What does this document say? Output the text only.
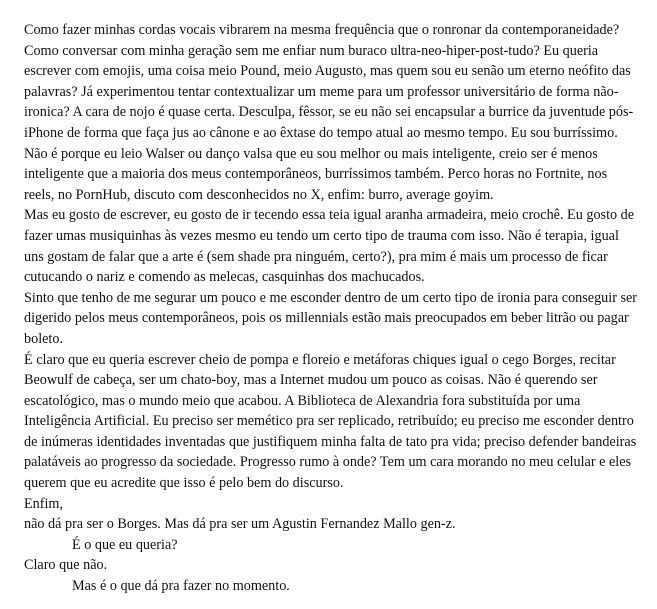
Como fazer minhas cordas vocais vibrarem na mesma frequência que o ronronar da contemporaneidade? Como conversar com minha geração sem me enfiar num buraco ultra-neo-hiper-post-tudo? Eu queria escrever com emojis, uma coisa meio Pound, meio Augusto, mas quem sou eu senão um eterno neófito das palavras? Já experimentou tentar contextualizar um meme para um professor universitário de forma não-ironica? A cara de nojo é quase certa. Desculpa, fêssor, se eu não sei encapsular a burrice da juventude pós-iPhone de forma que faça jus ao cânone e ao êxtase do tempo atual ao mesmo tempo. Eu sou burríssimo. Não é porque eu leio Walser ou danço valsa que eu sou melhor ou mais inteligente, creio ser é menos inteligente que a maioria dos meus contemporâneos, burríssimos também. Perco horas no Fortnite, nos reels, no PornHub, discuto com desconhecidos no X, enfim: burro, average goyim.

Mas eu gosto de escrever, eu gosto de ir tecendo essa teia igual aranha armadeira, meio crochê. Eu gosto de fazer umas musiquinhas às vezes mesmo eu tendo um certo tipo de trauma com isso. Não é terapia, igual uns gostam de falar que a arte é (sem shade pra ninguém, certo?), pra mim é mais um processo de ficar cutucando o nariz e comendo as melecas, casquinhas dos machucados.

Sinto que tenho de me segurar um pouco e me esconder dentro de um certo tipo de ironia para conseguir ser digerido pelos meus contemporâneos, pois os millennials estão mais preocupados em beber litrão ou pagar boleto.

É claro que eu queria escrever cheio de pompa e floreio e metáforas chiques igual o cego Borges, recitar Beowulf de cabeça, ser um chato-boy, mas a Internet mudou um pouco as coisas. Não é querendo ser escatológico, mas o mundo meio que acabou. A Biblioteca de Alexandria fora substituída por uma Inteligência Artificial. Eu preciso ser memético pra ser replicado, retribuído; eu preciso me esconder dentro de inúmeras identidades inventadas que justifiquem minha falta de tato pra vida; preciso defender bandeiras palatáveis ao progresso da sociedade. Progresso rumo à onde? Tem um cara morando no meu celular e eles querem que eu acredite que isso é pelo bem do discurso.

Enfim,

não dá pra ser o Borges. Mas dá pra ser um Agustin Fernandez Mallo gen-z.

É o que eu queria?

Claro que não.

Mas é o que dá pra fazer no momento.
